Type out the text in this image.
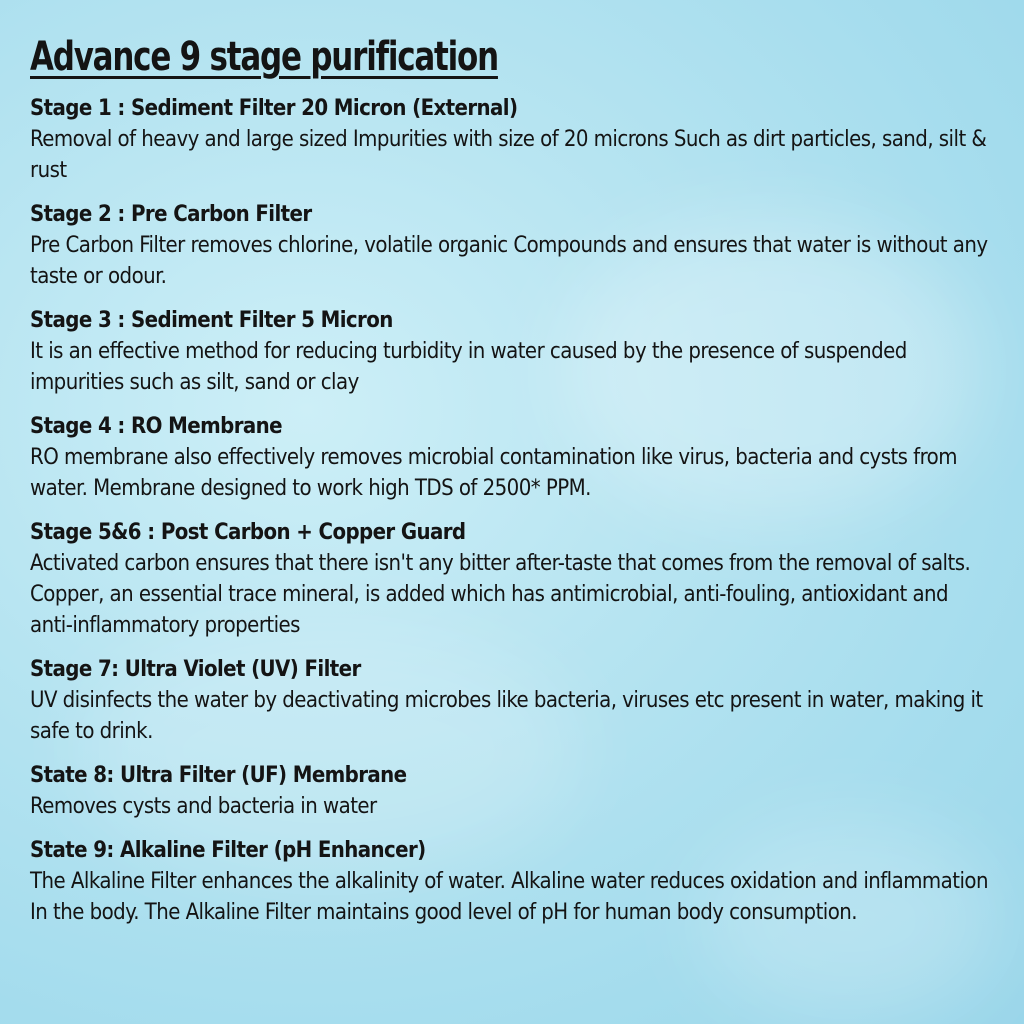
Advance 9 stage purification
Stage 1 : Sediment Filter 20 Micron (External)
Removal of heavy and large sized Impurities with size of 20 microns Such as dirt particles, sand, silt & rust
Stage 2 : Pre Carbon Filter
Pre Carbon Filter removes chlorine, volatile organic Compounds and ensures that water is without any taste or odour.
Stage 3 : Sediment Filter 5 Micron
It is an effective method for reducing turbidity in water caused by the presence of suspended impurities such as silt, sand or clay
Stage 4 : RO Membrane
RO membrane also effectively removes microbial contamination like virus, bacteria and cysts from water. Membrane designed to work high TDS of 2500* PPM.
Stage 5&6 : Post Carbon + Copper Guard
Activated carbon ensures that there isn't any bitter after-taste that comes from the removal of salts. Copper, an essential trace mineral, is added which has antimicrobial, anti-fouling, antioxidant and anti-inflammatory properties
Stage 7: Ultra Violet (UV) Filter
UV disinfects the water by deactivating microbes like bacteria, viruses etc present in water, making it safe to drink.
State 8: Ultra Filter (UF) Membrane
Removes cysts and bacteria in water
State 9: Alkaline Filter (pH Enhancer)
The Alkaline Filter enhances the alkalinity of water. Alkaline water reduces oxidation and inflammation In the body. The Alkaline Filter maintains good level of pH for human body consumption.
